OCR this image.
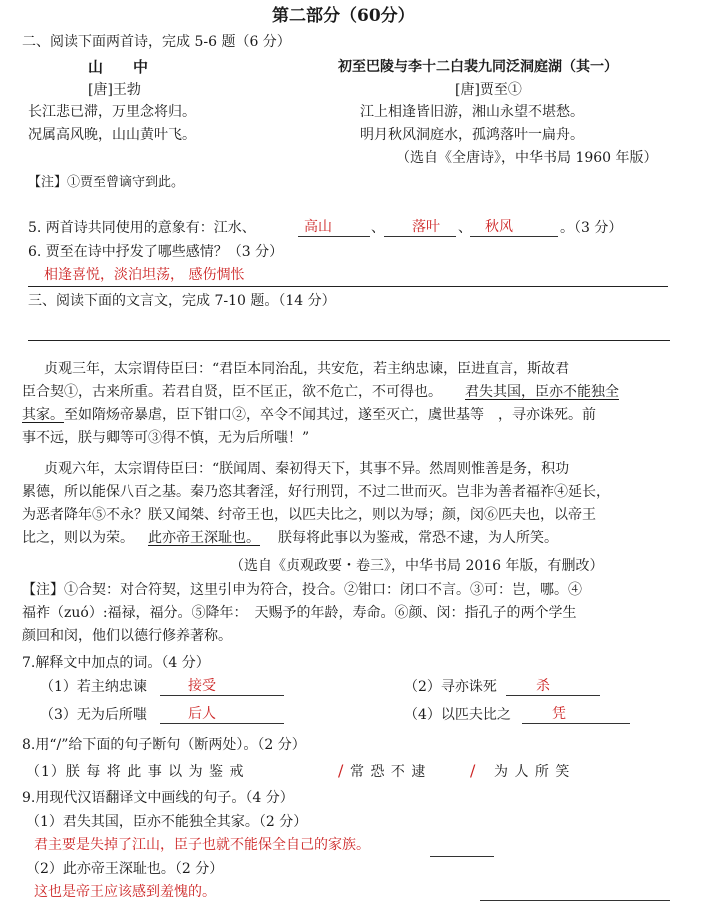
第二部分（60分）
二、阅读下面两首诗，完成 5-6 题（6 分）
山　　中
[唐]王勃
长江悲已滞，万里念将归。
况属高风晚，山山黄叶飞。
初至巴陵与李十二白裴九同泛洞庭湖（其一）
[唐]贾至①
江上相逢皆旧游，湘山永望不堪愁。
明月秋风洞庭水，孤鸿落叶一扁舟。
（选自《全唐诗》，中华书局 1960 年版）
【注】①贾至曾谪守到此。
5. 两首诗共同使用的意象有：江水、	高山	、 落叶 、 秋风	。（3 分）
6. 贾至在诗中抒发了哪些感情？（3 分）
相逢喜悦，淡泊坦荡， 感伤惆怅
三、阅读下面的文言文，完成 7-10 题。（14 分）
贞观三年，太宗谓侍臣曰：“君臣本同治乱，共安危，若主纳忠谏，臣进直言，斯故君
臣合契①，古来所重。若君自贤，臣不匡正，欲不危亡，不可得也。 君失其国，臣亦不能独全
其家。 至如隋炀帝暴虐，臣下钳口②，卒令不闻其过，遂至灭亡，虞世基等　，寻亦诛死。前
事不远，朕与卿等可③得不慎，无为后所嗤！”
贞观六年，太宗谓侍臣曰：“朕闻周、秦初得天下，其事不异。然周则惟善是务，积功
累德，所以能保八百之基。秦乃恣其奢淫，好行刑罚，不过二世而灭。岂非为善者福祚④延长，
为恶者降年⑤不永？朕又闻桀、纣帝王也，以匹夫比之，则以为辱；颜，闵⑥匹夫也，以帝王
比之，则以为荣。 此亦帝王深耻也。 朕每将此事以为鉴戒，常恐不逮，为人所笑。
（选自《贞观政要・卷三》，中华书局 2016 年版，有删改）
【注】①合契：对合符契，这里引申为符合，投合。②钳口：闭口不言。③可：岂，哪。④
福祚（zuó）:福禄，福分。⑤降年：　天赐予的年龄，寿命。⑥颜、闵：指孔子的两个学生
颜回和闵，他们以德行修养著称。
7.解释文中加点的词。（4 分）
（1）若主纳忠谏	接受	（2）寻亦诛死	杀
（3）无为后所嗤	后人	（4）以匹夫比之	凭
8.用“/”给下面的句子断句（断两处）。（2 分）
（1）朕 每 将 此 事 以 为 鉴 戒	/ 常 恐 不 逮	/ 为 人 所 笑
9.用现代汉语翻译文中画线的句子。（4 分）
（1）君失其国，臣亦不能独全其家。（2 分）
君主要是失掉了江山，臣子也就不能保全自己的家族。
（2）此亦帝王深耻也。（2 分）
这也是帝王应该感到羞愧的。
